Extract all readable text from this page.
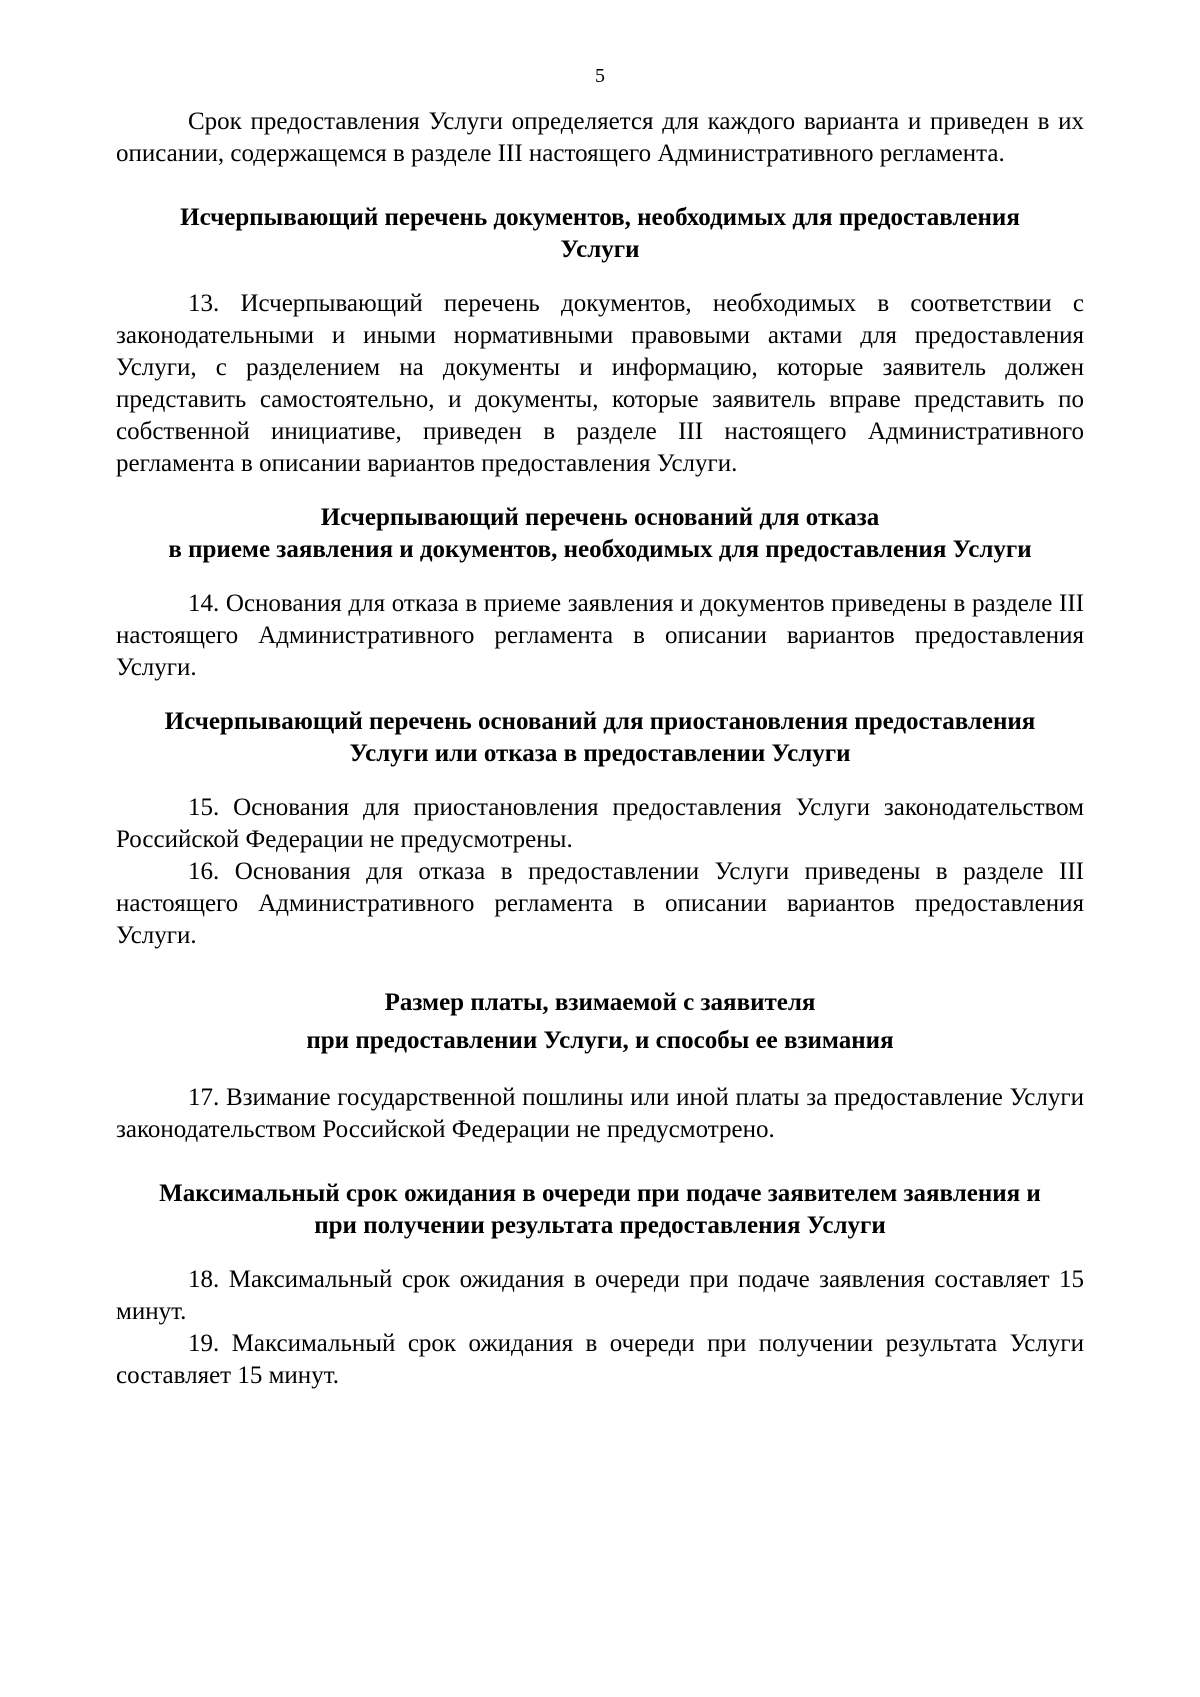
5

Срок предоставления Услуги определяется для каждого варианта и приведен в их описании, содержащемся в разделе III настоящего Административного регламента.

Исчерпывающий перечень документов, необходимых для предоставления
Услуги

13. Исчерпывающий перечень документов, необходимых в соответствии с законодательными и иными нормативными правовыми актами для предоставления Услуги, с разделением на документы и информацию, которые заявитель должен представить самостоятельно, и документы, которые заявитель вправе представить по собственной инициативе, приведен в разделе III настоящего Административного регламента в описании вариантов предоставления Услуги.

Исчерпывающий перечень оснований для отказа
в приеме заявления и документов, необходимых для предоставления Услуги

14. Основания для отказа в приеме заявления и документов приведены в разделе III настоящего Административного регламента в описании вариантов предоставления Услуги.

Исчерпывающий перечень оснований для приостановления предоставления
Услуги или отказа в предоставлении Услуги

15. Основания для приостановления предоставления Услуги законодательством Российской Федерации не предусмотрены.

16. Основания для отказа в предоставлении Услуги приведены в разделе III настоящего Административного регламента в описании вариантов предоставления Услуги.

Размер платы, взимаемой с заявителя
при предоставлении Услуги, и способы ее взимания

17. Взимание государственной пошлины или иной платы за предоставление Услуги законодательством Российской Федерации не предусмотрено.

Максимальный срок ожидания в очереди при подаче заявителем заявления и
при получении результата предоставления Услуги

18. Максимальный срок ожидания в очереди при подаче заявления составляет 15 минут.

19. Максимальный срок ожидания в очереди при получении результата Услуги составляет 15 минут.
